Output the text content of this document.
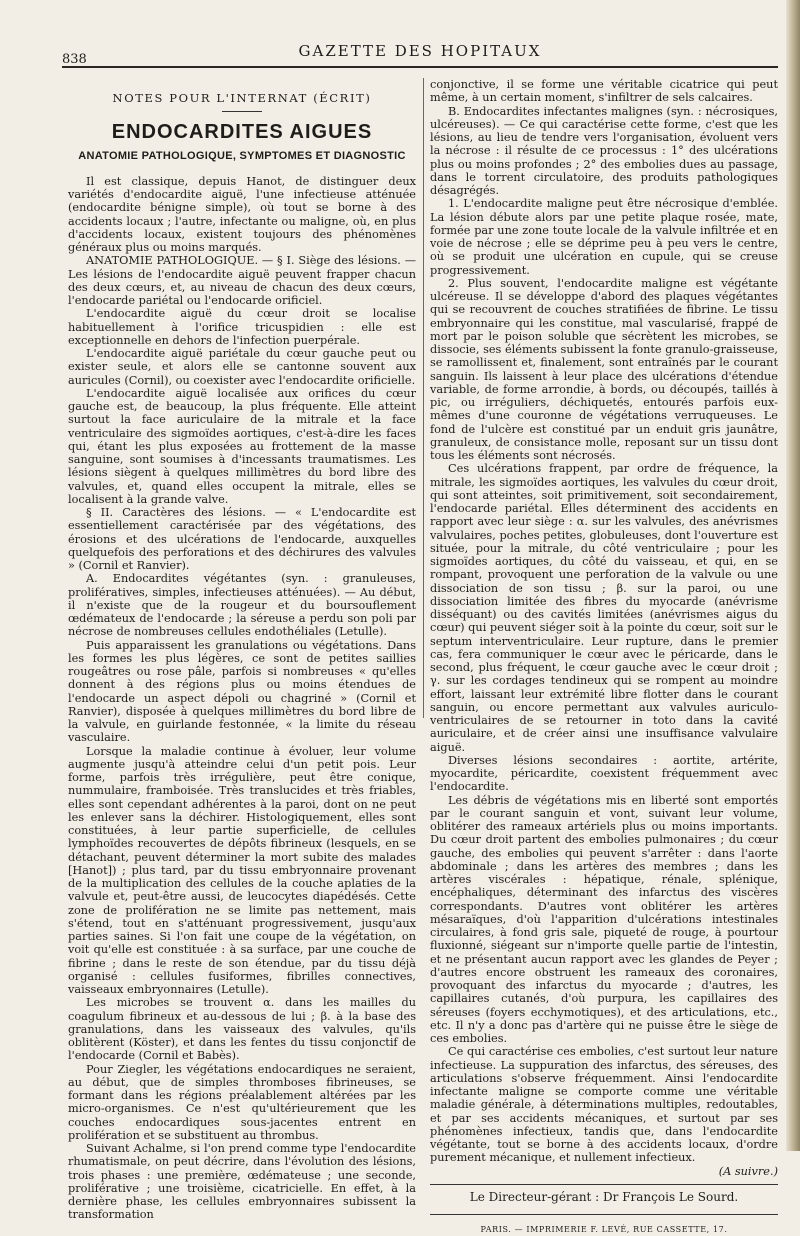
838	GAZETTE DES HOPITAUX
NOTES POUR L'INTERNAT (ÉCRIT)
ENDOCARDITES AIGUES
ANATOMIE PATHOLOGIQUE, SYMPTOMES ET DIAGNOSTIC

Il est classique, depuis Hanot, de distinguer deux variétés d'endocardite aiguë, l'une infectieuse atténuée (endocardite bénigne simple), où tout se borne à des accidents locaux ; l'autre, infectante ou maligne, où, en plus d'accidents locaux, existent toujours des phénomènes généraux plus ou moins marqués.

ANATOMIE PATHOLOGIQUE. — § I. Siège des lésions. — Les lésions de l'endocardite aiguë peuvent frapper chacun des deux cœurs, et, au niveau de chacun des deux cœurs, l'endocarde pariétal ou l'endocarde orificiel.

L'endocardite aiguë du cœur droit se localise habituellement à l'orifice tricuspidien : elle est exceptionnelle en dehors de l'infection puerpérale.

L'endocardite aiguë pariétale du cœur gauche peut ou exister seule, et alors elle se cantonne souvent aux auricules (Cornil), ou coexister avec l'endocardite orificielle.

L'endocardite aiguë localisée aux orifices du cœur gauche est, de beaucoup, la plus fréquente. Elle atteint surtout la face auriculaire de la mitrale et la face ventriculaire des sigmoïdes aortiques, c'est-à-dire les faces qui, étant les plus exposées au frottement de la masse sanguine, sont soumises à d'incessants traumatismes. Les lésions siègent à quelques millimètres du bord libre des valvules, et, quand elles occupent la mitrale, elles se localisent à la grande valve.

§ II. Caractères des lésions. — « L'endocardite est essentiellement caractérisée par des végétations, des érosions et des ulcérations de l'endocarde, auxquelles quelquefois des perforations et des déchirures des valvules » (Cornil et Ranvier).

A. Endocardites végétantes (syn. : granuleuses, prolifératives, simples, infectieuses atténuées). — Au début, il n'existe que de la rougeur et du boursouflement œdémateux de l'endocarde ; la séreuse a perdu son poli par nécrose de nombreuses cellules endothéliales (Letulle).

Puis apparaissent les granulations ou végétations. Dans les formes les plus légères, ce sont de petites saillies rougeâtres ou rose pâle, parfois si nombreuses « qu'elles donnent à des régions plus ou moins étendues de l'endocarde un aspect dépoli ou chagriné » (Cornil et Ranvier), disposée à quelques millimètres du bord libre de la valvule, en guirlande festonnée, « la limite du réseau vasculaire.

Lorsque la maladie continue à évoluer, leur volume augmente jusqu'à atteindre celui d'un petit pois. Leur forme, parfois très irrégulière, peut être conique, nummulaire, framboisée. Très translucides et très friables, elles sont cependant adhérentes à la paroi, dont on ne peut les enlever sans la déchirer. Histologiquement, elles sont constituées, à leur partie superficielle, de cellules lymphoïdes recouvertes de dépôts fibrineux (lesquels, en se détachant, peuvent déterminer la mort subite des malades [Hanot]) ; plus tard, par du tissu embryonnaire provenant de la multiplication des cellules de la couche aplaties de la valvule et, peut-être aussi, de leucocytes diapédésés. Cette zone de prolifération ne se limite pas nettement, mais s'étend, tout en s'atténuant progressivement, jusqu'aux parties saines. Si l'on fait une coupe de la végétation, on voit qu'elle est constituée : à sa surface, par une couche de fibrine ; dans le reste de son étendue, par du tissu déjà organisé : cellules fusiformes, fibrilles connectives, vaisseaux embryonnaires (Letulle).

Les microbes se trouvent α. dans les mailles du coagulum fibrineux et au-dessous de lui ; β. à la base des granulations, dans les vaisseaux des valvules, qu'ils oblitèrent (Köster), et dans les fentes du tissu conjonctif de l'endocarde (Cornil et Babès).

Pour Ziegler, les végétations endocardiques ne seraient, au début, que de simples thromboses fibrineuses, se formant dans les régions préalablement altérées par les micro-organismes. Ce n'est qu'ultérieurement que les couches endocardiques sous-jacentes entrent en prolifération et se substituent au thrombus.

Suivant Achalme, si l'on prend comme type l'endocardite rhumatismale, on peut décrire, dans l'évolution des lésions, trois phases : une première, œdémateuse ; une seconde, proliférative ; une troisième, cicatricielle. En effet, à la dernière phase, les cellules embryonnaires subissent la transformation

conjonctive, il se forme une véritable cicatrice qui peut même, à un certain moment, s'infiltrer de sels calcaires.

B. Endocardites infectantes malignes (syn. : nécrosiques, ulcéreuses). — Ce qui caractérise cette forme, c'est que les lésions, au lieu de tendre vers l'organisation, évoluent vers la nécrose : il résulte de ce processus : 1° des ulcérations plus ou moins profondes ; 2° des embolies dues au passage, dans le torrent circulatoire, des produits pathologiques désagrégés.

1. L'endocardite maligne peut être nécrosique d'emblée. La lésion débute alors par une petite plaque rosée, mate, formée par une zone toute locale de la valvule infiltrée et en voie de nécrose ; elle se déprime peu à peu vers le centre, où se produit une ulcération en cupule, qui se creuse progressivement.

2. Plus souvent, l'endocardite maligne est végétante ulcéreuse. Il se développe d'abord des plaques végétantes qui se recouvrent de couches stratifiées de fibrine. Le tissu embryonnaire qui les constitue, mal vascularisé, frappé de mort par le poison soluble que sécrètent les microbes, se dissocie, ses éléments subissent la fonte granulo-graisseuse, se ramollissent et, finalement, sont entraînés par le courant sanguin. Ils laissent à leur place des ulcérations d'étendue variable, de forme arrondie, à bords, ou découpés, taillés à pic, ou irréguliers, déchiquetés, entourés parfois eux-mêmes d'une couronne de végétations verruqueuses. Le fond de l'ulcère est constitué par un enduit gris jaunâtre, granuleux, de consistance molle, reposant sur un tissu dont tous les éléments sont nécrosés.

Ces ulcérations frappent, par ordre de fréquence, la mitrale, les sigmoïdes aortiques, les valvules du cœur droit, qui sont atteintes, soit primitivement, soit secondairement, l'endocarde pariétal. Elles déterminent des accidents en rapport avec leur siège : α. sur les valvules, des anévrismes valvulaires, poches petites, globuleuses, dont l'ouverture est située, pour la mitrale, du côté ventriculaire ; pour les sigmoïdes aortiques, du côté du vaisseau, et qui, en se rompant, provoquent une perforation de la valvule ou une dissociation de son tissu ; β. sur la paroi, ou une dissociation limitée des fibres du myocarde (anévrisme disséquant) ou des cavités limitées (anévrismes aigus du cœur) qui peuvent siéger soit à la pointe du cœur, soit sur le septum interventriculaire. Leur rupture, dans le premier cas, fera communiquer le cœur avec le péricarde, dans le second, plus fréquent, le cœur gauche avec le cœur droit ; γ. sur les cordages tendineux qui se rompent au moindre effort, laissant leur extrémité libre flotter dans le courant sanguin, ou encore permettant aux valvules auriculo-ventriculaires de se retourner in toto dans la cavité auriculaire, et de créer ainsi une insuffisance valvulaire aiguë.

Diverses lésions secondaires : aortite, artérite, myocardite, péricardite, coexistent fréquemment avec l'endocardite.

Les débris de végétations mis en liberté sont emportés par le courant sanguin et vont, suivant leur volume, oblitérer des rameaux artériels plus ou moins importants. Du cœur droit partent des embolies pulmonaires ; du cœur gauche, des embolies qui peuvent s'arrêter : dans l'aorte abdominale ; dans les artères des membres ; dans les artères viscérales : hépatique, rénale, splénique, encéphaliques, déterminant des infarctus des viscères correspondants. D'autres vont oblitérer les artères mésaraïques, d'où l'apparition d'ulcérations intestinales circulaires, à fond gris sale, piqueté de rouge, à pourtour fluxionné, siégeant sur n'importe quelle partie de l'intestin, et ne présentant aucun rapport avec les glandes de Peyer ; d'autres encore obstruent les rameaux des coronaires, provoquant des infarctus du myocarde ; d'autres, les capillaires cutanés, d'où purpura, les capillaires des séreuses (foyers ecchymotiques), et des articulations, etc., etc. Il n'y a donc pas d'artère qui ne puisse être le siège de ces embolies.

Ce qui caractérise ces embolies, c'est surtout leur nature infectieuse. La suppuration des infarctus, des séreuses, des articulations s'observe fréquemment. Ainsi l'endocardite infectante maligne se comporte comme une véritable maladie générale, à déterminations multiples, redoutables, et par ses accidents mécaniques, et surtout par ses phénomènes infectieux, tandis que, dans l'endocardite végétante, tout se borne à des accidents locaux, d'ordre purement mécanique, et nullement infectieux.

(A suivre.)
Le Directeur-gérant : Dr François Le Sourd.
PARIS. — IMPRIMERIE F. LEVÉ, RUE CASSETTE, 17.
